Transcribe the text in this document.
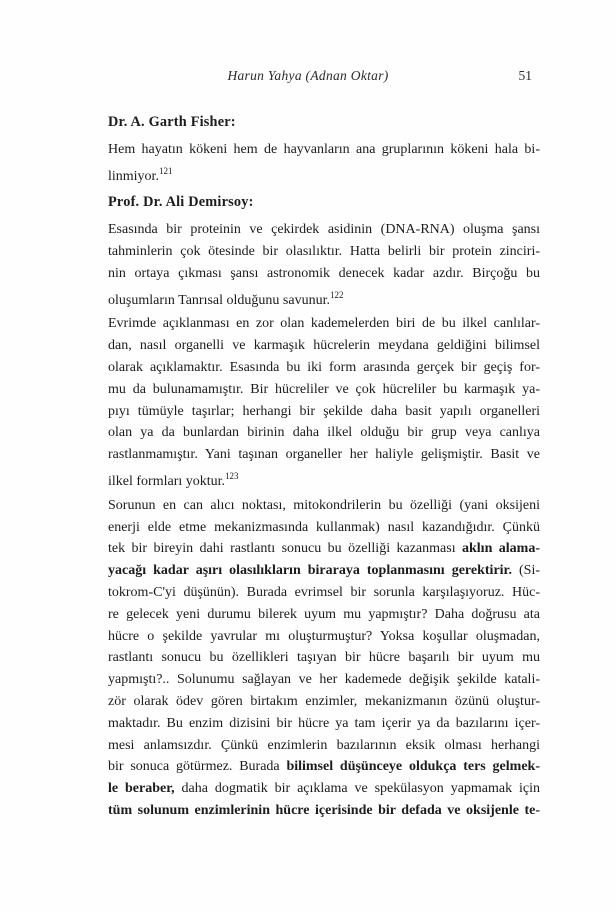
Harun Yahya (Adnan Oktar)	51
Dr. A. Garth Fisher:
Hem hayatın kökeni hem de hayvanların ana gruplarının kökeni hala bi-
linmiyor.$^{121}$
Prof. Dr. Ali Demirsoy:
Esasında bir proteinin ve çekirdek asidinin (DNA-RNA) oluşma şansı
tahminlerin çok ötesinde bir olasılıktır. Hatta belirli bir protein zinciri-
nin ortaya çıkması şansı astronomik denecek kadar azdır. Birçoğu bu
oluşumların Tanrısal olduğunu savunur.$^{122}$
Evrimde açıklanması en zor olan kademelerden biri de bu ilkel canlılar-
dan, nasıl organelli ve karmaşık hücrelerin meydana geldiğini bilimsel
olarak açıklamaktır. Esasında bu iki form arasında gerçek bir geçiş for-
mu da bulunamamıştır. Bir hücreliler ve çok hücreliler bu karmaşık ya-
pıyı tümüyle taşırlar; herhangi bir şekilde daha basit yapılı organelleri
olan ya da bunlardan birinin daha ilkel olduğu bir grup veya canlıya
rastlanmamıştır. Yani taşınan organeller her haliyle gelişmiştir. Basit ve
ilkel formları yoktur.$^{123}$
Sorunun en can alıcı noktası, mitokondrilerin bu özelliği (yani oksijeni
enerji elde etme mekanizmasında kullanmak) nasıl kazandığıdır. Çünkü
tek bir bireyin dahi rastlantı sonucu bu özelliği kazanması aklın alama-
yacağı kadar aşırı olasılıkların biraraya toplanmasını gerektirir. (Si-
tokrom-C'yi düşünün). Burada evrimsel bir sorunla karşılaşıyoruz. Hüc-
re gelecek yeni durumu bilerek uyum mu yapmıştır? Daha doğrusu ata
hücre o şekilde yavrular mı oluşturmuştur? Yoksa koşullar oluşmadan,
rastlantı sonucu bu özellikleri taşıyan bir hücre başarılı bir uyum mu
yapmıştı?.. Solunumu sağlayan ve her kademede değişik şekilde katali-
zör olarak ödev gören birtakım enzimler, mekanizmanın özünü oluştur-
maktadır. Bu enzim dizisini bir hücre ya tam içerir ya da bazılarını içer-
mesi anlamsızdır. Çünkü enzimlerin bazılarının eksik olması herhangi
bir sonuca götürmez. Burada bilimsel düşünceye oldukça ters gelmek-
le beraber, daha dogmatik bir açıklama ve spekülasyon yapmamak için
tüm solunum enzimlerinin hücre içerisinde bir defada ve oksijenle te-
